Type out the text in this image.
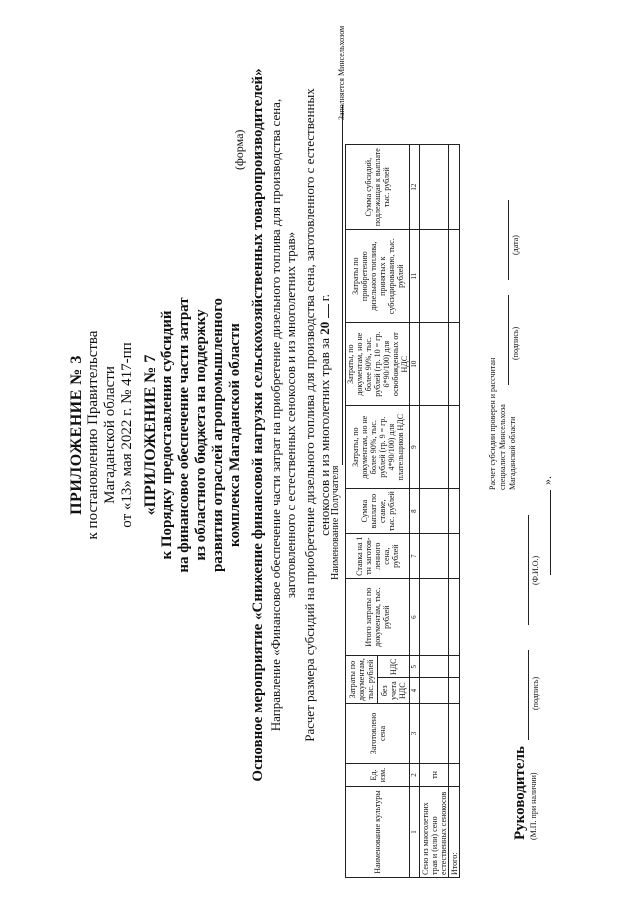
ПРИЛОЖЕНИЕ № 3 к постановлению Правительства Магаданской области
от «13» мая 2022 г. № 417-пп «ПРИЛОЖЕНИЕ № 7 к Порядку предоставления субсидий на финансовое обеспечение части затрат из областного бюджета на поддержку развития отраслей агропромышленного комплекса Магаданской области
(форма) Основное мероприятие «Снижение финансовой нагрузки сельскохозяйственных товаропроизводителей» Направление «Финансовое обеспечение части затрат на приобретение дизельного топлива для производства сена, заготовленного с естественных сенокосов и из многолетних трав» Расчет размера субсидий на приобретение дизельного топлива для производства сена, заготовленного с естественных сенокосов и из многолетних трав за 20  г.
Наименование Получателя
Заполняется Минсельхозом
Наименование культуры	Ед. изм.	Заготовлено сена	Затраты по документам, тыс. рублей		Итого затраты по документам, тыс. рублей	Ставка на 1 тн заготов-ленного сена, рублей	Сумма выплат по ставке, тыс. рублей	Затраты, по документам, но не более 90%, тыс. рублей (гр. 9 = гр. 4*90/100) для плательщиков НДС	Затраты, по документам, но не более 90%, тыс. рублей (гр. 10 = гр. 6*90/100) для освобожденных от НДС	Затраты по приобретению дизельного топлива, принятых к субсидированию, тыс. рублей	Сумма субсидий, подлежащая к выплате тыс. рублей
			без учета НДС	НДС							
1	2	3	4	5	6	7	8	9	10	11	12
Сено из многолетних трав и (или) сено естественных сенокосов	тн										
Итого:											
Руководитель (М.П. при наличии)
(подпись)
(Ф.И.О.)
Расчет субсидии проверен и рассчитан специалист Минсельхоза Магаданской области
(подпись)
(дата)
».
